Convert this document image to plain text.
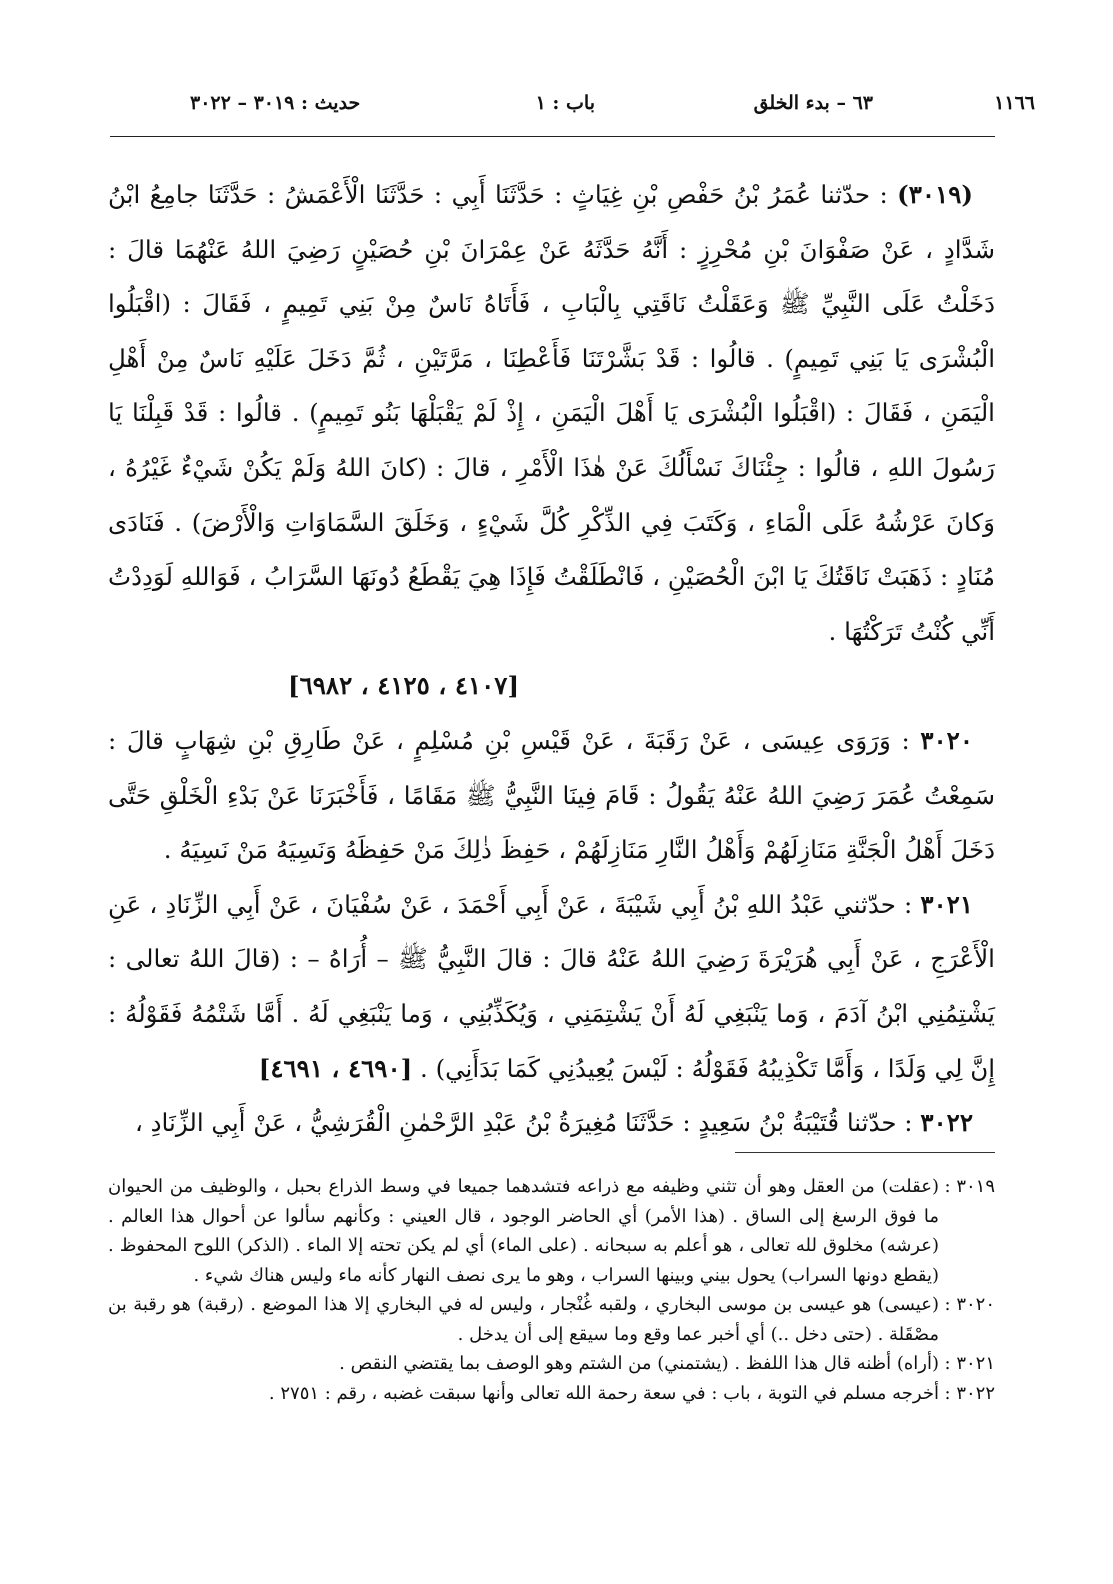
١١٦٦
٦٣ – بدء الخلق
باب : ١
حديث : ٣٠١٩ – ٣٠٢٢

(٣٠١٩) : حدّثنا عُمَرُ بْنُ حَفْصِ بْنِ غِيَاثٍ : حَدَّثَنَا أَبِي : حَدَّثَنَا الْأَعْمَشُ : حَدَّثَنَا جامِعُ ابْنُ شَدَّادٍ ، عَنْ صَفْوَانَ بْنِ مُحْرِزٍ : أَنَّهُ حَدَّثَهُ عَنْ عِمْرَانَ بْنِ حُصَيْنٍ رَضِيَ اللهُ عَنْهُمَا قالَ : دَخَلْتُ عَلَى النَّبِيِّ ﷺ وَعَقَلْتُ نَاقَتِي بِالْبَابِ ، فَأَتَاهُ نَاسٌ مِنْ بَنِي تَمِيمٍ ، فَقَالَ : (اقْبَلُوا الْبُشْرَى يَا بَنِي تَمِيمٍ) . قالُوا : قَدْ بَشَّرْتَنَا فَأَعْطِنَا ، مَرَّتَيْنِ ، ثُمَّ دَخَلَ عَلَيْهِ نَاسٌ مِنْ أَهْلِ الْيَمَنِ ، فَقَالَ : (اقْبَلُوا الْبُشْرَى يَا أَهْلَ الْيَمَنِ ، إِذْ لَمْ يَقْبَلْهَا بَنُو تَمِيمٍ) . قالُوا : قَدْ قَبِلْنَا يَا رَسُولَ اللهِ ، قالُوا : جِئْنَاكَ نَسْأَلُكَ عَنْ هٰذَا الْأَمْرِ ، قالَ : (كانَ اللهُ وَلَمْ يَكُنْ شَيْءٌ غَيْرُهُ ، وَكانَ عَرْشُهُ عَلَى الْمَاءِ ، وَكَتَبَ فِي الذِّكْرِ كُلَّ شَيْءٍ ، وَخَلَقَ السَّمَاوَاتِ وَالْأَرْضَ) . فَنَادَى مُنَادٍ : ذَهَبَتْ نَاقَتُكَ يَا ابْنَ الْحُصَيْنِ ، فَانْطَلَقْتُ فَإِذَا هِيَ يَقْطَعُ دُونَهَا السَّرَابُ ، فَوَاللهِ لَوَدِدْتُ أَنِّي كُنْتُ تَرَكْتُهَا .
[٤١٠٧ ، ٤١٢٥ ، ٦٩٨٢]

٣٠٢٠ : وَرَوَى عِيسَى ، عَنْ رَقَبَةَ ، عَنْ قَيْسِ بْنِ مُسْلِمٍ ، عَنْ طَارِقِ بْنِ شِهَابٍ قالَ : سَمِعْتُ عُمَرَ رَضِيَ اللهُ عَنْهُ يَقُولُ : قَامَ فِينَا النَّبِيُّ ﷺ مَقَامًا ، فَأَخْبَرَنَا عَنْ بَدْءِ الْخَلْقِ حَتَّى دَخَلَ أَهْلُ الْجَنَّةِ مَنَازِلَهُمْ وَأَهْلُ النَّارِ مَنَازِلَهُمْ ، حَفِظَ ذٰلِكَ مَنْ حَفِظَهُ وَنَسِيَهُ مَنْ نَسِيَهُ .

٣٠٢١ : حدّثني عَبْدُ اللهِ بْنُ أَبِي شَيْبَةَ ، عَنْ أَبِي أَحْمَدَ ، عَنْ سُفْيَانَ ، عَنْ أَبِي الزِّنَادِ ، عَنِ الْأَعْرَجِ ، عَنْ أَبِي هُرَيْرَةَ رَضِيَ اللهُ عَنْهُ قالَ : قالَ النَّبِيُّ ﷺ – أُرَاهُ – : (قالَ اللهُ تعالى : يَشْتِمُنِي ابْنُ آدَمَ ، وَما يَنْبَغِي لَهُ أَنْ يَشْتِمَنِي ، وَيُكَذِّبُنِي ، وَما يَنْبَغِي لَهُ . أَمَّا شَتْمُهُ فَقَوْلُهُ : إِنَّ لِي وَلَدًا ، وَأَمَّا تَكْذِيبُهُ فَقَوْلُهُ : لَيْسَ يُعِيدُنِي كَمَا بَدَأَنِي) . [٤٦٩٠ ، ٤٦٩١]

٣٠٢٢ : حدّثنا قُتَيْبَةُ بْنُ سَعِيدٍ : حَدَّثَنَا مُغِيرَةُ بْنُ عَبْدِ الرَّحْمٰنِ الْقُرَشِيُّ ، عَنْ أَبِي الزِّنَادِ ،

٣٠١٩ :
(عقلت) من العقل وهو أن تثني وظيفه مع ذراعه فتشدهما جميعا في وسط الذراع بحبل ، والوظيف من الحيوان ما فوق الرسغ إلى الساق . (هذا الأمر) أي الحاضر الوجود ، قال العيني : وكأنهم سألوا عن أحوال هذا العالم . (عرشه) مخلوق لله تعالى ، هو أعلم به سبحانه . (على الماء) أي لم يكن تحته إلا الماء . (الذكر) اللوح المحفوظ . (يقطع دونها السراب) يحول بيني وبينها السراب ، وهو ما يرى نصف النهار كأنه ماء وليس هناك شيء .

٣٠٢٠ :
(عيسى) هو عيسى بن موسى البخاري ، ولقبه غُنْجار ، وليس له في البخاري إلا هذا الموضع . (رقبة) هو رقبة بن مصْقَلة . (حتى دخل ..) أي أخبر عما وقع وما سيقع إلى أن يدخل .

٣٠٢١ :
(أراه) أظنه قال هذا اللفظ . (يشتمني) من الشتم وهو الوصف بما يقتضي النقص .

٣٠٢٢ :
أخرجه مسلم في التوبة ، باب : في سعة رحمة الله تعالى وأنها سبقت غضبه ، رقم : ٢٧٥١ .
